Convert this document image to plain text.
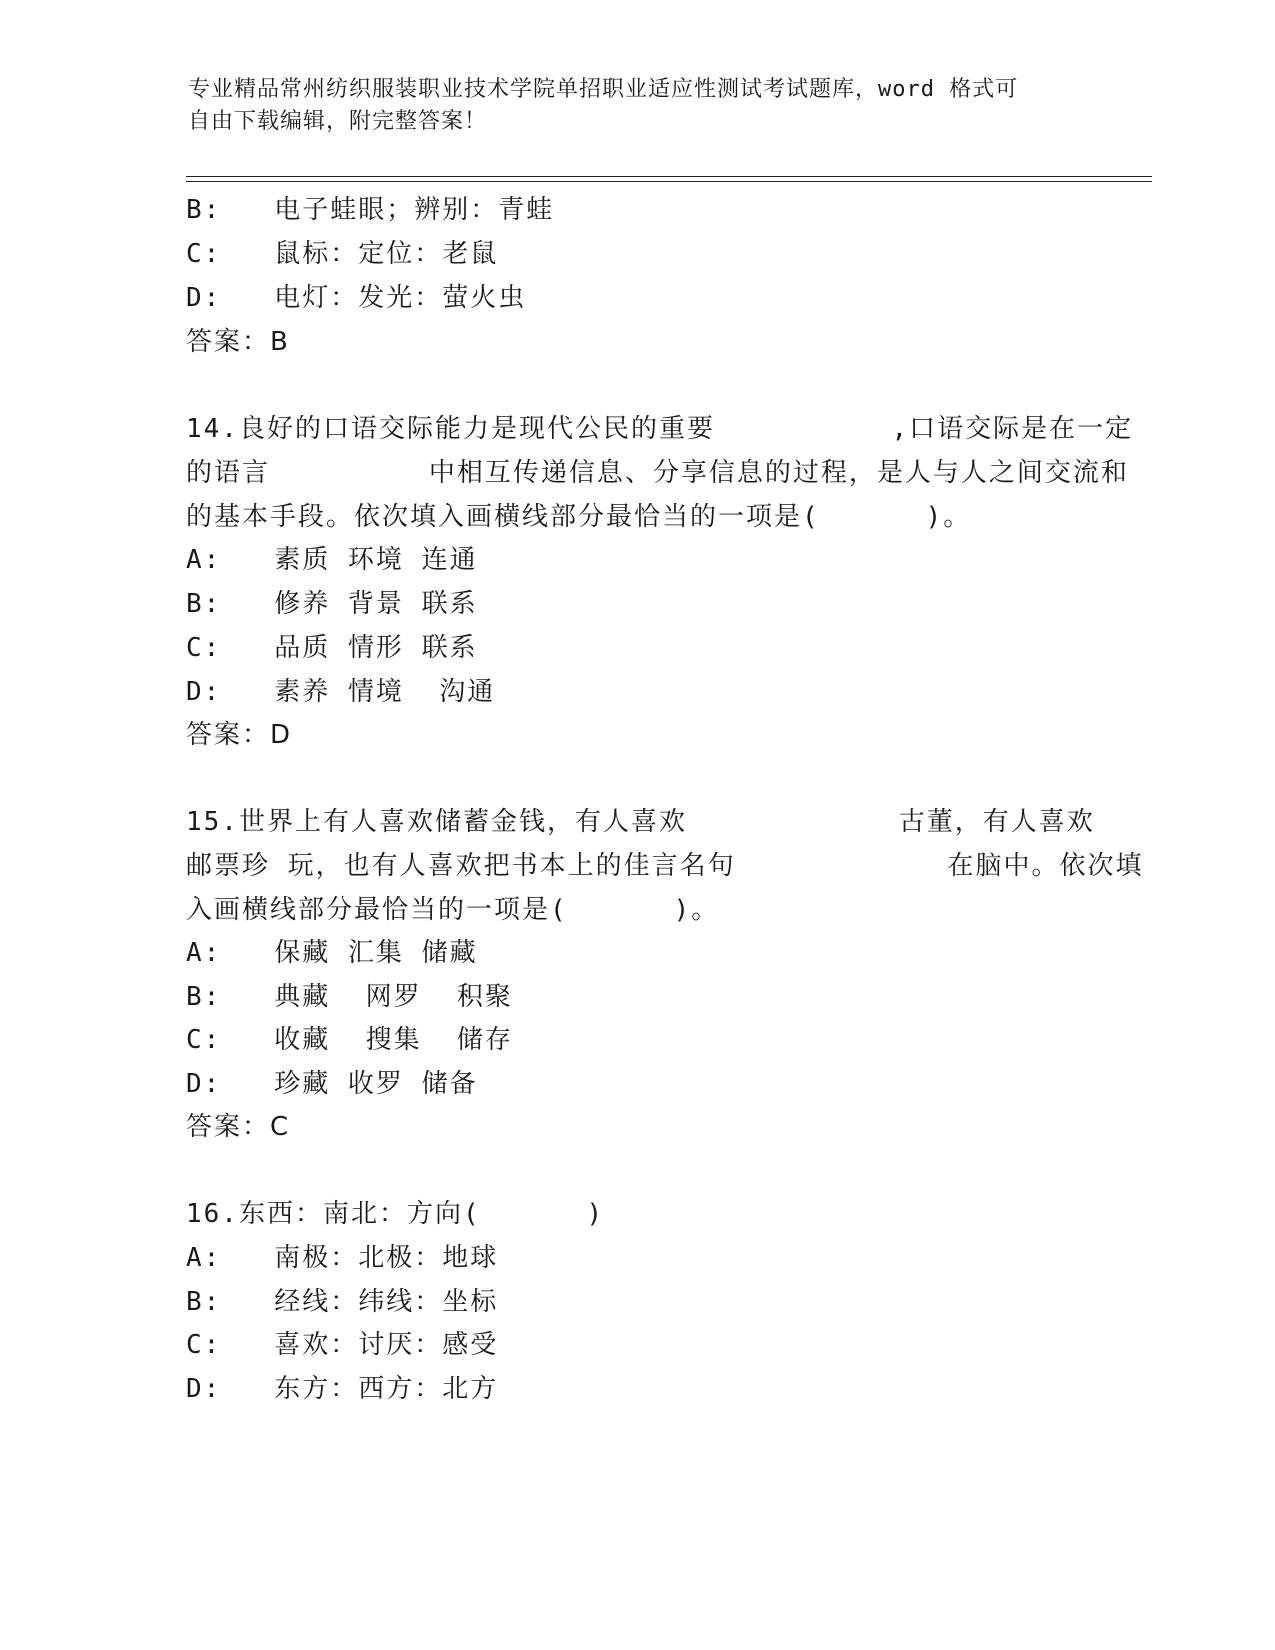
专业精品常州纺织服装职业技术学院单招职业适应性测试考试题库，word 格式可
自由下载编辑，附完整答案！
B:   电子蛙眼；辨别：青蛙
C:   鼠标：定位：老鼠
D:   电灯：发光：萤火虫
答案：B
14.良好的口语交际能力是现代公民的重要          ,口语交际是在一定
的语言         中相互传递信息、分享信息的过程，是人与人之间交流和
的基本手段。依次填入画横线部分最恰当的一项是(      )。
A:   素质 环境 连通
B:   修养 背景 联系
C:   品质 情形 联系
D:   素养 情境  沟通
答案：D
15.世界上有人喜欢储蓄金钱，有人喜欢            古董，有人喜欢
邮票珍 玩，也有人喜欢把书本上的佳言名句            在脑中。依次填
入画横线部分最恰当的一项是(      )。
A:   保藏 汇集 储藏
B:   典藏  网罗  积聚
C:   收藏  搜集  储存
D:   珍藏 收罗 储备
答案：C
16.东西：南北：方向(      )
A:   南极：北极：地球
B:   经线：纬线：坐标
C:   喜欢：讨厌：感受
D:   东方：西方：北方
